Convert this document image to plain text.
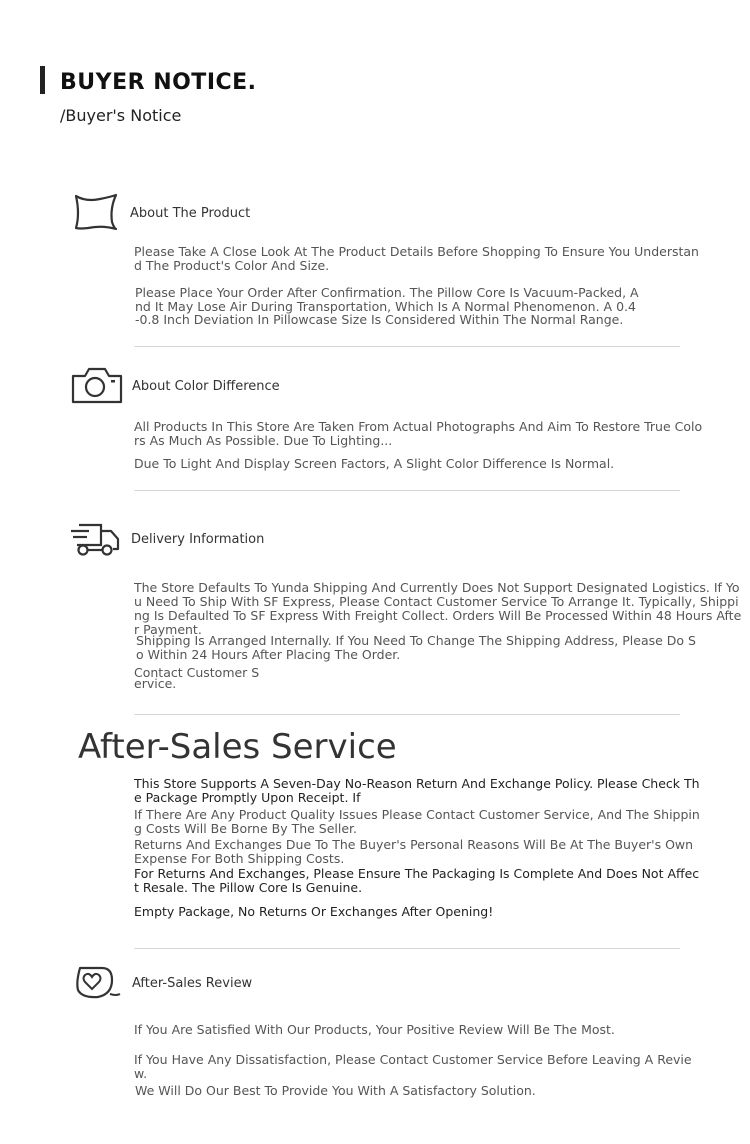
BUYER NOTICE.
/Buyer's Notice
About The Product
Please Take A Close Look At The Product Details Before Shopping To Ensure You Understand The Product's Color And Size.
Please Place Your Order After Confirmation. The Pillow Core Is Vacuum-Packed, And It May Lose Air During Transportation, Which Is A Normal Phenomenon. A 0.4-0.8 Inch Deviation In Pillowcase Size Is Considered Within The Normal Range.
About Color Difference
All Products In This Store Are Taken From Actual Photographs And Aim To Restore True Colors As Much As Possible. Due To Lighting...
Due To Light And Display Screen Factors, A Slight Color Difference Is Normal.
Delivery Information
The Store Defaults To Yunda Shipping And Currently Does Not Support Designated Logistics. If You Need To Ship With SF Express, Please Contact Customer Service To Arrange It. Typically, Shipping Is Defaulted To SF Express With Freight Collect. Orders Will Be Processed Within 48 Hours After Payment.
Shipping Is Arranged Internally. If You Need To Change The Shipping Address, Please Do So Within 24 Hours After Placing The Order.
Contact Customer Service.
After-Sales Service
This Store Supports A Seven-Day No-Reason Return And Exchange Policy. Please Check The Package Promptly Upon Receipt. If
If There Are Any Product Quality Issues Please Contact Customer Service, And The Shipping Costs Will Be Borne By The Seller.
Returns And Exchanges Due To The Buyer's Personal Reasons Will Be At The Buyer's Own Expense For Both Shipping Costs.
For Returns And Exchanges, Please Ensure The Packaging Is Complete And Does Not Affect Resale. The Pillow Core Is Genuine.
Empty Package, No Returns Or Exchanges After Opening!
After-Sales Review
If You Are Satisfied With Our Products, Your Positive Review Will Be The Most.
If You Have Any Dissatisfaction, Please Contact Customer Service Before Leaving A Review.
We Will Do Our Best To Provide You With A Satisfactory Solution.
